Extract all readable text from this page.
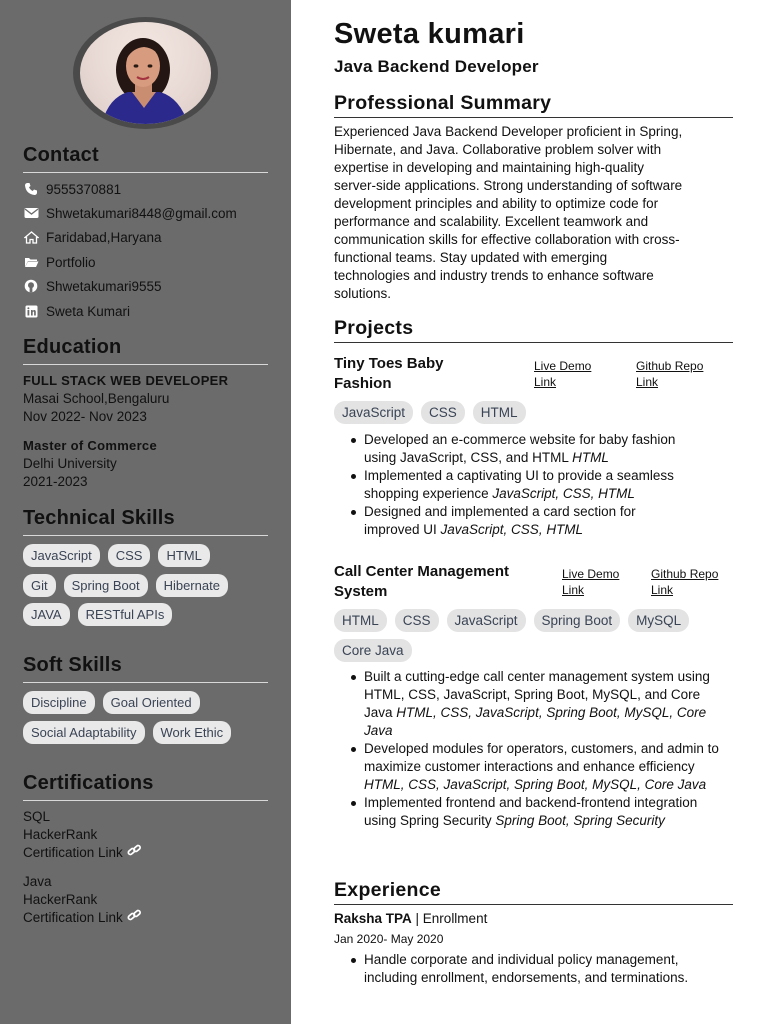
Contact
9555370881
Shwetakumari8448@gmail.com
Faridabad,Haryana
Portfolio
Shwetakumari9555
Sweta Kumari
Education
FULL STACK WEB DEVELOPER
Masai School,Bengaluru
Nov 2022- Nov 2023
Master of Commerce
Delhi University
2021-2023
Technical Skills
JavaScript	CSS	HTML
Git	Spring Boot	Hibernate
JAVA	RESTful APIs
Soft Skills
Discipline	Goal Oriented
Social Adaptability	Work Ethic
Certifications
SQL
HackerRank
Certification Link
Java
HackerRank
Certification Link
Sweta kumari
Java Backend Developer
Professional Summary
Experienced Java Backend Developer proficient in Spring,
Hibernate, and Java. Collaborative problem solver with
expertise in developing and maintaining high-quality
server-side applications. Strong understanding of software
development principles and ability to optimize code for
performance and scalability. Excellent teamwork and
communication skills for effective collaboration with cross-
functional teams. Stay updated with emerging
technologies and industry trends to enhance software
solutions.
Projects
Tiny Toes Baby
Fashion
Live Demo
Link
Github Repo
Link
JavaScript	CSS	HTML
Developed an e-commerce website for baby fashion
using JavaScript, CSS, and HTML HTML
Implemented a captivating UI to provide a seamless
shopping experience JavaScript, CSS, HTML
Designed and implemented a card section for
improved UI JavaScript, CSS, HTML
Call Center Management
System
Live Demo
Link
Github Repo
Link
HTML	CSS	JavaScript	Spring Boot	MySQL
Core Java
Built a cutting-edge call center management system using HTML, CSS, JavaScript, Spring Boot, MySQL, and Core Java HTML, CSS, JavaScript, Spring Boot, MySQL, Core Java
Developed modules for operators, customers, and admin to maximize customer interactions and enhance efficiency HTML, CSS, JavaScript, Spring Boot, MySQL, Core Java
Implemented frontend and backend-frontend integration using Spring Security Spring Boot, Spring Security
Experience
Raksha TPA | Enrollment
Jan 2020- May 2020
Handle corporate and individual policy management, including enrollment, endorsements, and terminations.
